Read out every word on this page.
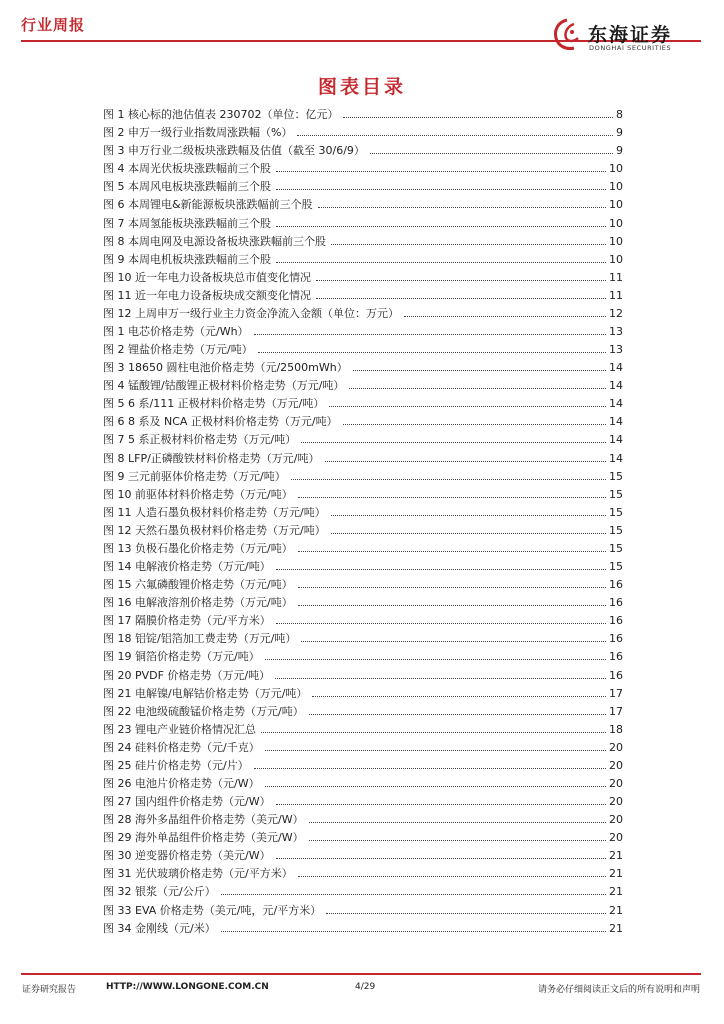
行业周报	东海证券
DONGHAI SECURITIES
图表目录
图 1 核心标的池估值表 230702（单位：亿元）	8
图 2 申万一级行业指数周涨跌幅（%）	9
图 3 申万行业二级板块涨跌幅及估值（截至 30/6/9）	9
图 4 本周光伏板块涨跌幅前三个股	10
图 5 本周风电板块涨跌幅前三个股	10
图 6 本周锂电&新能源板块涨跌幅前三个股	10
图 7 本周氢能板块涨跌幅前三个股	10
图 8 本周电网及电源设备板块涨跌幅前三个股	10
图 9 本周电机板块涨跌幅前三个股	10
图 10 近一年电力设备板块总市值变化情况	11
图 11 近一年电力设备板块成交额变化情况	11
图 12 上周申万一级行业主力资金净流入金额（单位：万元）	12
图 1 电芯价格走势（元/Wh）	13
图 2 锂盐价格走势（万元/吨）	13
图 3 18650 圆柱电池价格走势（元/2500mWh）	14
图 4 锰酸锂/钴酸锂正极材料价格走势（万元/吨）	14
图 5 6 系/111 正极材料价格走势（万元/吨）	14
图 6 8 系及 NCA 正极材料价格走势（万元/吨）	14
图 7 5 系正极材料价格走势（万元/吨）	14
图 8 LFP/正磷酸铁材料价格走势（万元/吨）	14
图 9 三元前驱体价格走势（万元/吨）	15
图 10 前驱体材料价格走势（万元/吨）	15
图 11 人造石墨负极材料价格走势（万元/吨）	15
图 12 天然石墨负极材料价格走势（万元/吨）	15
图 13 负极石墨化价格走势（万元/吨）	15
图 14 电解液价格走势（万元/吨）	15
图 15 六氟磷酸锂价格走势（万元/吨）	16
图 16 电解液溶剂价格走势（万元/吨）	16
图 17 隔膜价格走势（元/平方米）	16
图 18 铝锭/铝箔加工费走势（万元/吨）	16
图 19 铜箔价格走势（万元/吨）	16
图 20 PVDF 价格走势（万元/吨）	16
图 21 电解镍/电解钴价格走势（万元/吨）	17
图 22 电池级硫酸锰价格走势（万元/吨）	17
图 23 锂电产业链价格情况汇总	18
图 24 硅料价格走势（元/千克）	20
图 25 硅片价格走势（元/片）	20
图 26 电池片价格走势（元/W）	20
图 27 国内组件价格走势（元/W）	20
图 28 海外多晶组件价格走势（美元/W）	20
图 29 海外单晶组件价格走势（美元/W）	20
图 30 逆变器价格走势（美元/W）	21
图 31 光伏玻璃价格走势（元/平方米）	21
图 32 银浆（元/公斤）	21
图 33 EVA 价格走势（美元/吨，元/平方米）	21
图 34 金刚线（元/米）	21
证券研究报告	HTTP://WWW.LONGONE.COM.CN	4/29	请务必仔细阅读正文后的所有说明和声明
